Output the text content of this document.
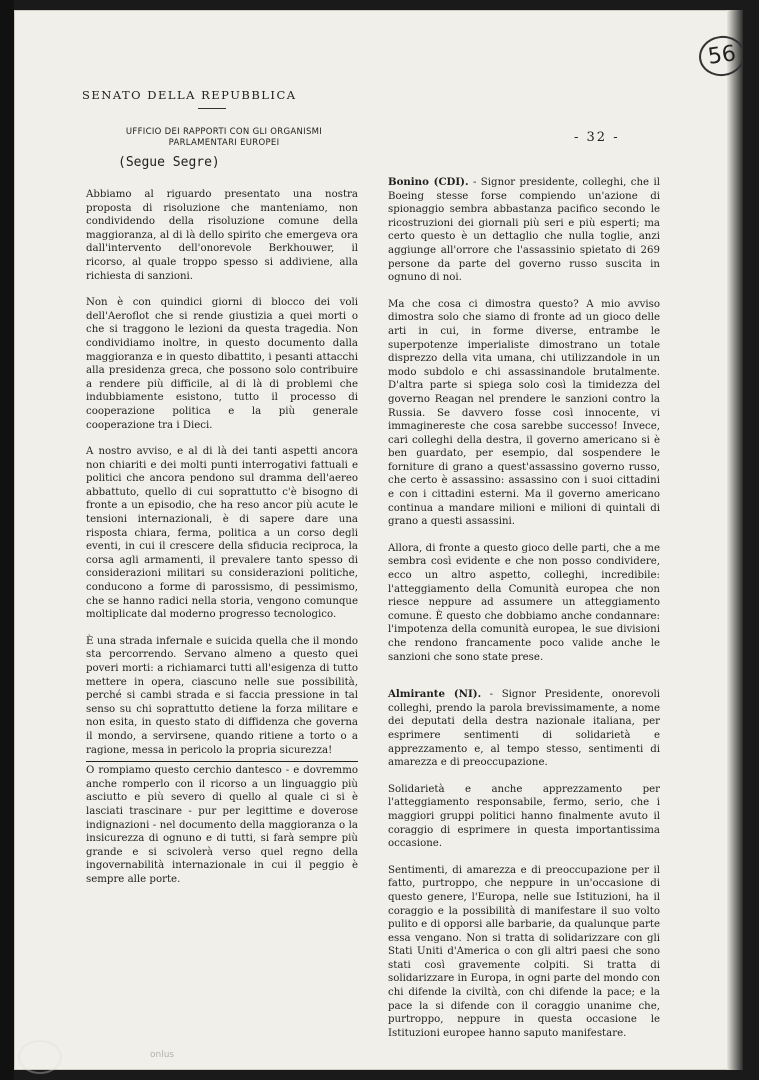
56
SENATO DELLA REPUBBLICA
UFFICIO DEI RAPPORTI CON GLI ORGANISMI PARLAMENTARI EUROPEI
(Segue Segre)
- 32 -

Abbiamo al riguardo presentato una nostra proposta di risoluzione che manteniamo, non condividendo della risoluzione comune della maggioranza, al di là dello spirito che emergeva ora dall'intervento dell'onorevole Berkhouwer, il ricorso, al quale troppo spesso si addiviene, alla richiesta di sanzioni.

Non è con quindici giorni di blocco dei voli dell'Aeroflot che si rende giustizia a quei morti o che si traggono le lezioni da questa tragedia. Non condividiamo inoltre, in questo documento dalla maggioranza e in questo dibattito, i pesanti attacchi alla presidenza greca, che possono solo contribuire a rendere più difficile, al di là di problemi che indubbiamente esistono, tutto il processo di cooperazione politica e la più generale cooperazione tra i Dieci.

A nostro avviso, e al di là dei tanti aspetti ancora non chiariti e dei molti punti interrogativi fattuali e politici che ancora pendono sul dramma dell'aereo abbattuto, quello di cui soprattutto c'è bisogno di fronte a un episodio, che ha reso ancor più acute le tensioni internazionali, è di sapere dare una risposta chiara, ferma, politica a un corso degli eventi, in cui il crescere della sfiducia reciproca, la corsa agli armamenti, il prevalere tanto spesso di considerazioni militari su considerazioni politiche, conducono a forme di parossismo, di pessimismo, che se hanno radici nella storia, vengono comunque moltiplicate dal moderno progresso tecnologico.

È una strada infernale e suicida quella che il mondo sta percorrendo. Servano almeno a questo quei poveri morti: a richiamarci tutti all'esigenza di tutto mettere in opera, ciascuno nelle sue possibilità, perché si cambi strada e si faccia pressione in tal senso su chi soprattutto detiene la forza militare e non esita, in questo stato di diffidenza che governa il mondo, a servirsene, quando ritiene a torto o a ragione, messa in pericolo la propria sicurezza!

O rompiamo questo cerchio dantesco - e dovremmo anche romperlo con il ricorso a un linguaggio più asciutto e più severo di quello al quale ci si è lasciati trascinare - pur per legittime e doverose indignazioni - nel documento della maggioranza o la insicurezza di ognuno e di tutti, si farà sempre più grande e si scivolerà verso quel regno della ingovernabilità internazionale in cui il peggio è sempre alle porte.

Bonino (CDI). - Signor presidente, colleghi, che il Boeing stesse forse compiendo un'azione di spionaggio sembra abbastanza pacifico secondo le ricostruzioni dei giornali più seri e più esperti; ma certo questo è un dettaglio che nulla toglie, anzi aggiunge all'orrore che l'assassinio spietato di 269 persone da parte del governo russo suscita in ognuno di noi.

Ma che cosa ci dimostra questo? A mio avviso dimostra solo che siamo di fronte ad un gioco delle arti in cui, in forme diverse, entrambe le superpotenze imperialiste dimostrano un totale disprezzo della vita umana, chi utilizzandole in un modo subdolo e chi assassinandole brutalmente. D'altra parte si spiega solo così la timidezza del governo Reagan nel prendere le sanzioni contro la Russia. Se davvero fosse così innocente, vi immaginereste che cosa sarebbe successo! Invece, cari colleghi della destra, il governo americano si è ben guardato, per esempio, dal sospendere le forniture di grano a quest'assassino governo russo, che certo è assassino: assassino con i suoi cittadini e con i cittadini esterni. Ma il governo americano continua a mandare milioni e milioni di quintali di grano a questi assassini.

Allora, di fronte a questo gioco delle parti, che a me sembra così evidente e che non posso condividere, ecco un altro aspetto, colleghi, incredibile: l'atteggiamento della Comunità europea che non riesce neppure ad assumere un atteggiamento comune. È questo che dobbiamo anche condannare: l'impotenza della comunità europea, le sue divisioni che rendono francamente poco valide anche le sanzioni che sono state prese.

Almirante (NI). - Signor Presidente, onorevoli colleghi, prendo la parola brevissimamente, a nome dei deputati della destra nazionale italiana, per esprimere sentimenti di solidarietà e apprezzamento e, al tempo stesso, sentimenti di amarezza e di preoccupazione.

Solidarietà e anche apprezzamento per l'atteggiamento responsabile, fermo, serio, che i maggiori gruppi politici hanno finalmente avuto il coraggio di esprimere in questa importantissima occasione.

Sentimenti, di amarezza e di preoccupazione per il fatto, purtroppo, che neppure in un'occasione di questo genere, l'Europa, nelle sue Istituzioni, ha il coraggio e la possibilità di manifestare il suo volto pulito e di opporsi alle barbarie, da qualunque parte essa vengano. Non si tratta di solidarizzare con gli Stati Uniti d'America o con gli altri paesi che sono stati così gravemente colpiti. Si tratta di solidarizzare in Europa, in ogni parte del mondo con chi difende la civiltà, con chi difende la pace; e la pace la si difende con il coraggio unanime che, purtroppo, neppure in questa occasione le Istituzioni europee hanno saputo manifestare.

onlus
